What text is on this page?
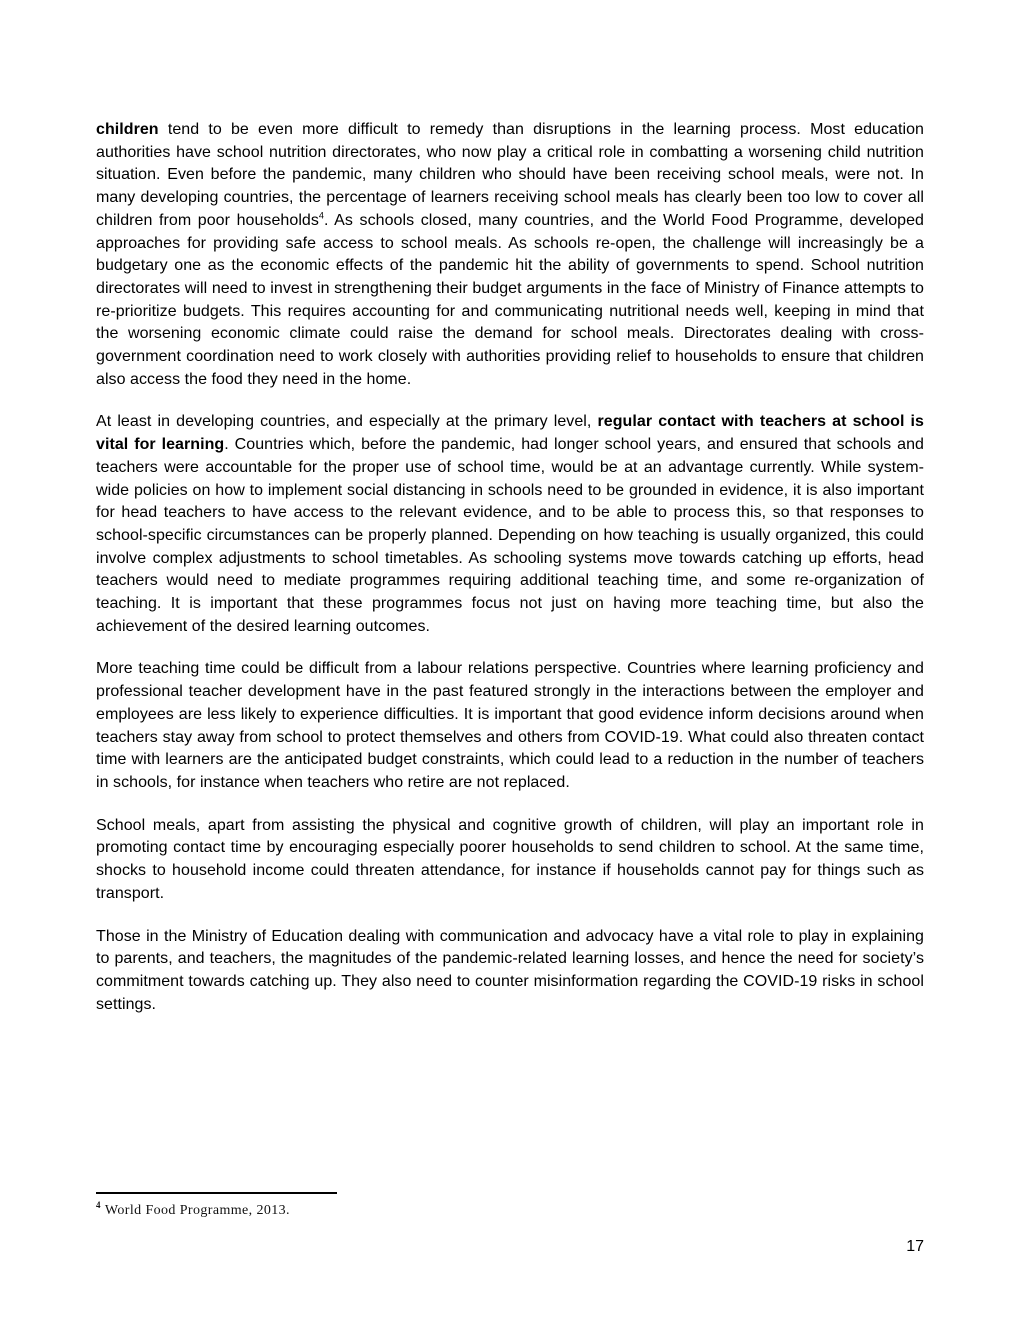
children tend to be even more difficult to remedy than disruptions in the learning process. Most education authorities have school nutrition directorates, who now play a critical role in combatting a worsening child nutrition situation. Even before the pandemic, many children who should have been receiving school meals, were not. In many developing countries, the percentage of learners receiving school meals has clearly been too low to cover all children from poor households$^4$. As schools closed, many countries, and the World Food Programme, developed approaches for providing safe access to school meals. As schools re-open, the challenge will increasingly be a budgetary one as the economic effects of the pandemic hit the ability of governments to spend. School nutrition directorates will need to invest in strengthening their budget arguments in the face of Ministry of Finance attempts to re-prioritize budgets. This requires accounting for and communicating nutritional needs well, keeping in mind that the worsening economic climate could raise the demand for school meals. Directorates dealing with cross-government coordination need to work closely with authorities providing relief to households to ensure that children also access the food they need in the home.

At least in developing countries, and especially at the primary level, regular contact with teachers at school is vital for learning. Countries which, before the pandemic, had longer school years, and ensured that schools and teachers were accountable for the proper use of school time, would be at an advantage currently. While system-wide policies on how to implement social distancing in schools need to be grounded in evidence, it is also important for head teachers to have access to the relevant evidence, and to be able to process this, so that responses to school-specific circumstances can be properly planned. Depending on how teaching is usually organized, this could involve complex adjustments to school timetables. As schooling systems move towards catching up efforts, head teachers would need to mediate programmes requiring additional teaching time, and some re-organization of teaching. It is important that these programmes focus not just on having more teaching time, but also the achievement of the desired learning outcomes.

More teaching time could be difficult from a labour relations perspective. Countries where learning proficiency and professional teacher development have in the past featured strongly in the interactions between the employer and employees are less likely to experience difficulties. It is important that good evidence inform decisions around when teachers stay away from school to protect themselves and others from COVID-19. What could also threaten contact time with learners are the anticipated budget constraints, which could lead to a reduction in the number of teachers in schools, for instance when teachers who retire are not replaced.

School meals, apart from assisting the physical and cognitive growth of children, will play an important role in promoting contact time by encouraging especially poorer households to send children to school. At the same time, shocks to household income could threaten attendance, for instance if households cannot pay for things such as transport.

Those in the Ministry of Education dealing with communication and advocacy have a vital role to play in explaining to parents, and teachers, the magnitudes of the pandemic-related learning losses, and hence the need for society’s commitment towards catching up. They also need to counter misinformation regarding the COVID-19 risks in school settings.

$^4$ World Food Programme, 2013.
17
